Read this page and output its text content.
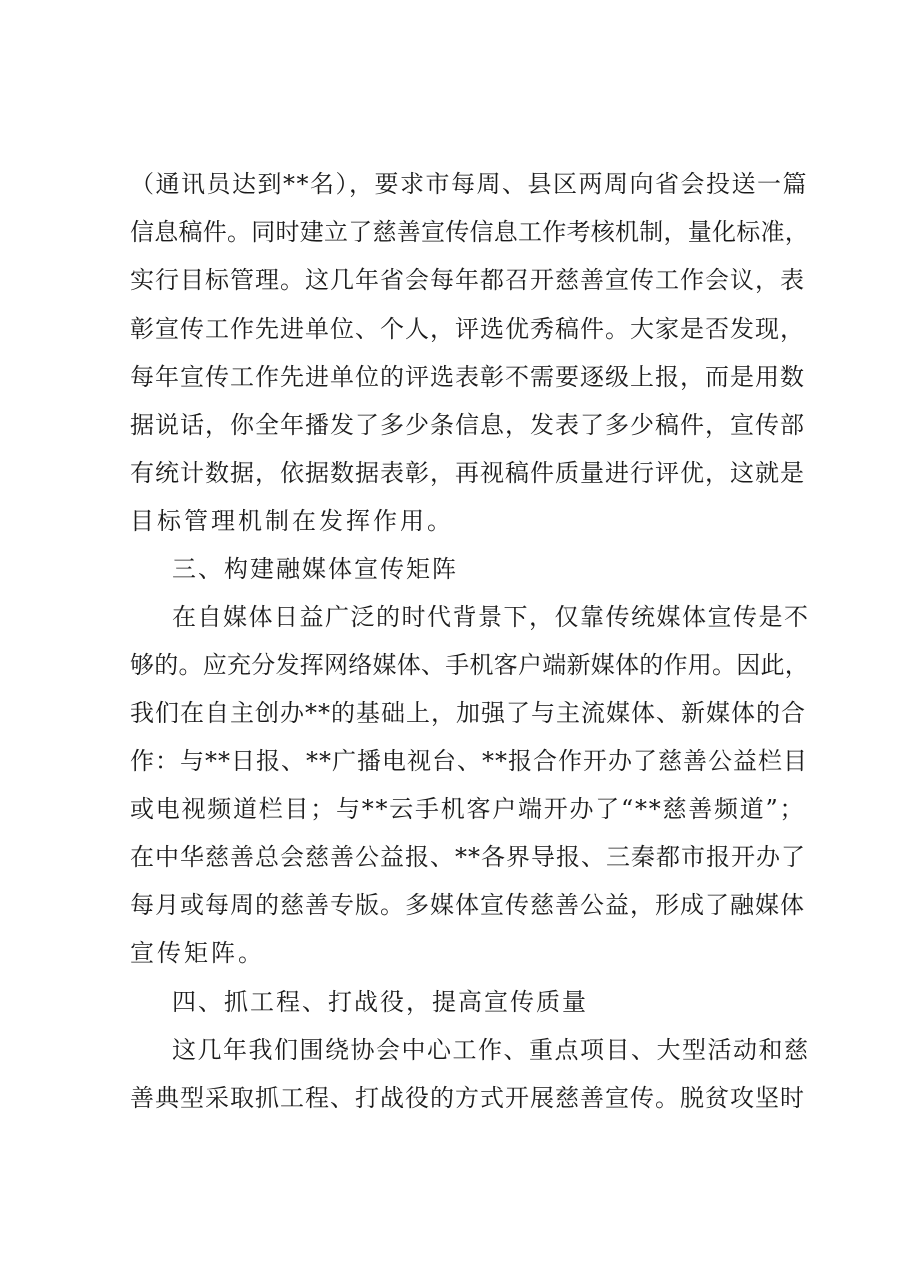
（通讯员达到**名），要求市每周、县区两周向省会投送一篇
信息稿件。同时建立了慈善宣传信息工作考核机制，量化标准，
实行目标管理。这几年省会每年都召开慈善宣传工作会议，表
彰宣传工作先进单位、个人，评选优秀稿件。大家是否发现，
每年宣传工作先进单位的评选表彰不需要逐级上报，而是用数
据说话，你全年播发了多少条信息，发表了多少稿件，宣传部
有统计数据，依据数据表彰，再视稿件质量进行评优，这就是
目标管理机制在发挥作用。
三、构建融媒体宣传矩阵
在自媒体日益广泛的时代背景下，仅靠传统媒体宣传是不
够的。应充分发挥网络媒体、手机客户端新媒体的作用。因此，
我们在自主创办**的基础上，加强了与主流媒体、新媒体的合
作：与**日报、**广播电视台、**报合作开办了慈善公益栏目
或电视频道栏目；与**云手机客户端开办了“**慈善频道”；
在中华慈善总会慈善公益报、**各界导报、三秦都市报开办了
每月或每周的慈善专版。多媒体宣传慈善公益，形成了融媒体
宣传矩阵。
四、抓工程、打战役，提高宣传质量
这几年我们围绕协会中心工作、重点项目、大型活动和慈
善典型采取抓工程、打战役的方式开展慈善宣传。脱贫攻坚时
